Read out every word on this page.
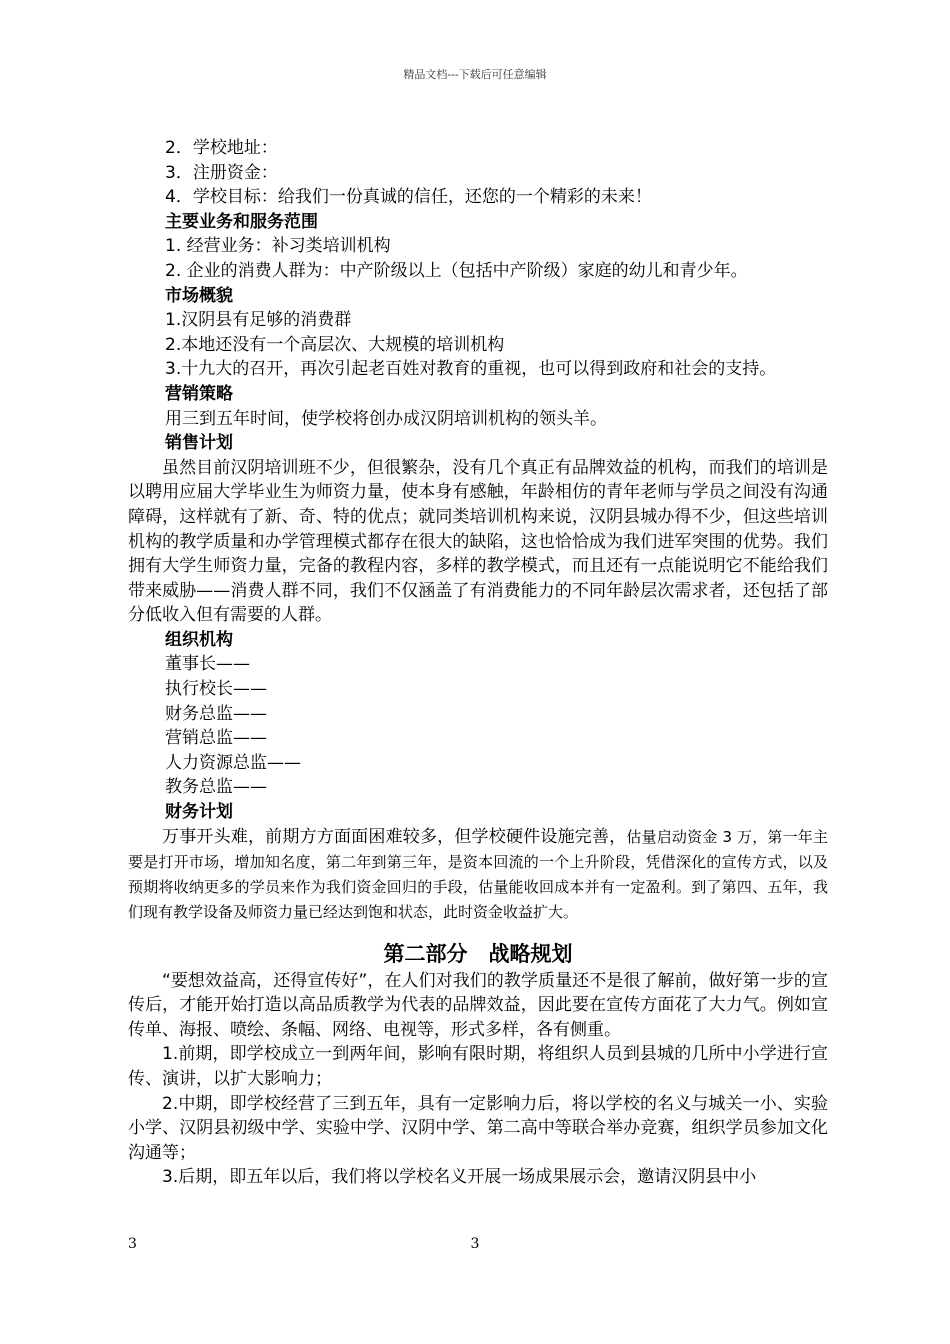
精品文档---下载后可任意编辑
2．学校地址：
3．注册资金：
4．学校目标：给我们一份真诚的信任，还您的一个精彩的未来！
主要业务和服务范围
1. 经营业务：补习类培训机构
2. 企业的消费人群为：中产阶级以上（包括中产阶级）家庭的幼儿和青少年。
市场概貌
1.汉阴县有足够的消费群
2.本地还没有一个高层次、大规模的培训机构
3.十九大的召开，再次引起老百姓对教育的重视，也可以得到政府和社会的支持。
营销策略
用三到五年时间，使学校将创办成汉阴培训机构的领头羊。
销售计划
虽然目前汉阴培训班不少，但很繁杂，没有几个真正有品牌效益的机构，而我们的培训是以聘用应届大学毕业生为师资力量，使本身有感触，年龄相仿的青年老师与学员之间没有沟通障碍，这样就有了新、奇、特的优点；就同类培训机构来说，汉阴县城办得不少，但这些培训机构的教学质量和办学管理模式都存在很大的缺陷，这也恰恰成为我们进军突围的优势。我们拥有大学生师资力量，完备的教程内容，多样的教学模式，而且还有一点能说明它不能给我们带来威胁——消费人群不同，我们不仅涵盖了有消费能力的不同年龄层次需求者，还包括了部分低收入但有需要的人群。
组织机构
董事长——
执行校长——
财务总监——
营销总监——
人力资源总监——
教务总监——
财务计划
万事开头难，前期方方面面困难较多，但学校硬件设施完善，估量启动资金 3 万，第一年主要是打开市场，增加知名度，第二年到第三年，是资本回流的一个上升阶段，凭借深化的宣传方式，以及预期将收纳更多的学员来作为我们资金回归的手段，估量能收回成本并有一定盈利。到了第四、五年，我们现有教学设备及师资力量已经达到饱和状态，此时资金收益扩大。
第二部分　战略规划
“要想效益高，还得宣传好”，在人们对我们的教学质量还不是很了解前，做好第一步的宣传后，才能开始打造以高品质教学为代表的品牌效益，因此要在宣传方面花了大力气。例如宣传单、海报、喷绘、条幅、网络、电视等，形式多样，各有侧重。
1.前期，即学校成立一到两年间，影响有限时期，将组织人员到县城的几所中小学进行宣传、演讲，以扩大影响力；
2.中期，即学校经营了三到五年，具有一定影响力后，将以学校的名义与城关一小、实验小学、汉阴县初级中学、实验中学、汉阴中学、第二高中等联合举办竞赛，组织学员参加文化沟通等；
3.后期，即五年以后，我们将以学校名义开展一场成果展示会，邀请汉阴县中小
3	3
